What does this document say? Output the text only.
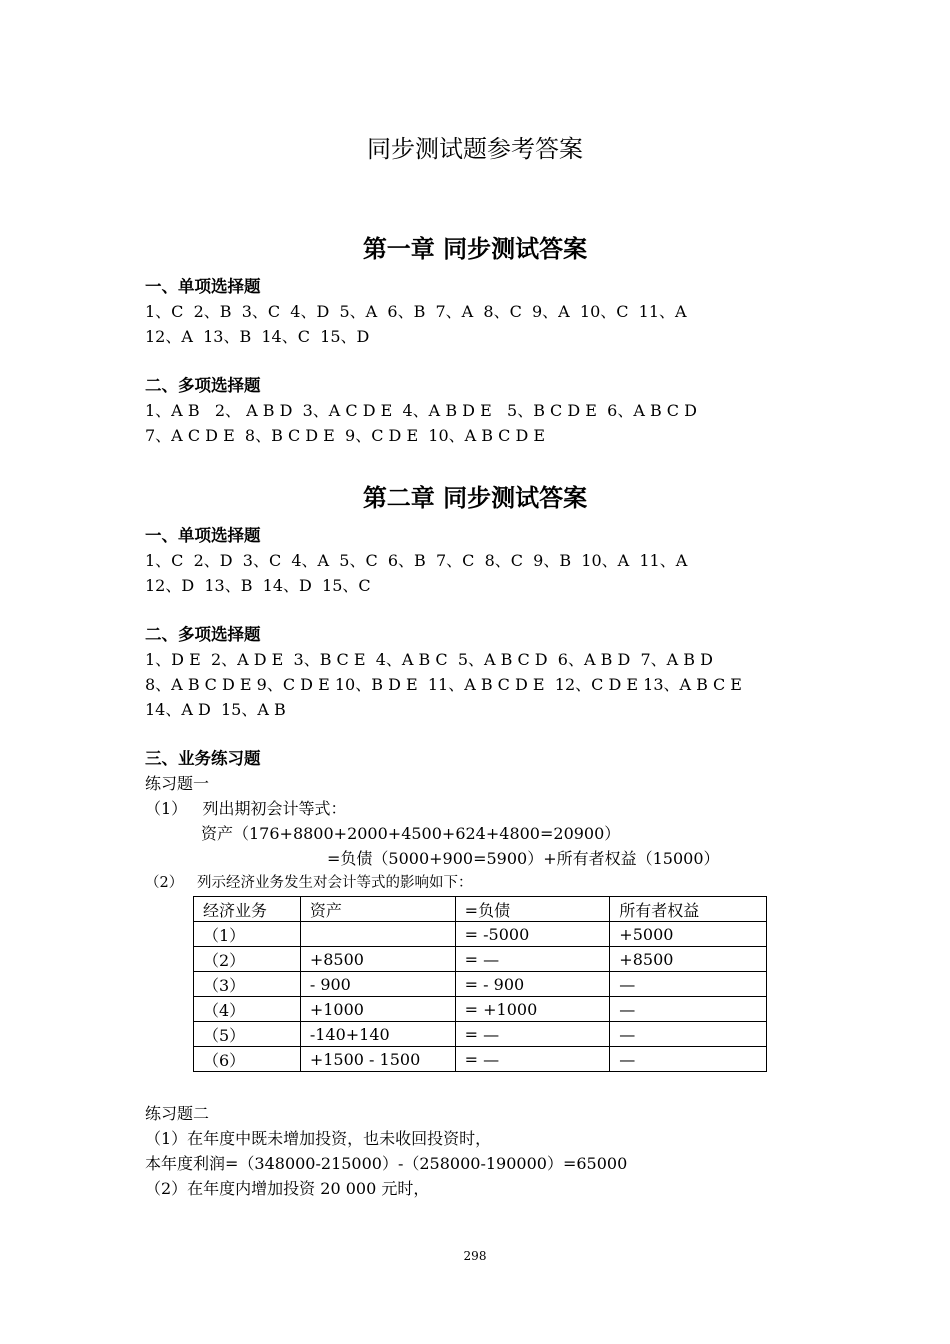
同步测试题参考答案
第一章 同步测试答案
一、单项选择题
1、C  2、B  3、C  4、D  5、A  6、B  7、A  8、C  9、A  10、C  11、A
12、A  13、B  14、C  15、D
二、多项选择题
1、A B   2、 A B D  3、A C D E  4、A B D E   5、B C D E  6、A B C D
7、A C D E  8、B C D E  9、C D E  10、A B C D E
第二章 同步测试答案
一、单项选择题
1、C  2、D  3、C  4、A  5、C  6、B  7、C  8、C  9、B  10、A  11、A
12、D  13、B  14、D  15、C
二、多项选择题
1、D E  2、A D E  3、B C E  4、A B C  5、A B C D  6、A B D  7、A B D
8、A B C D E 9、C D E 10、B D E  11、A B C D E  12、C D E 13、A B C E
14、A D  15、A B
三、业务练习题
练习题一
（1）   列出期初会计等式：
资产（176+8800+2000+4500+624+4800=20900）
=负债（5000+900=5900）+所有者权益（15000）
（2）   列示经济业务发生对会计等式的影响如下：
经济业务	资产	=负债	所有者权益
（1）		= -5000	+5000
（2）	+8500	= —	+8500
（3）	- 900	= - 900	—
（4）	+1000	= +1000	—
（5）	-140+140	= —	—
（6）	+1500 - 1500	= —	—
练习题二
（1）在年度中既未增加投资，也未收回投资时，
本年度利润=（348000-215000）-（258000-190000）=65000
（2）在年度内增加投资 20 000 元时，
298
